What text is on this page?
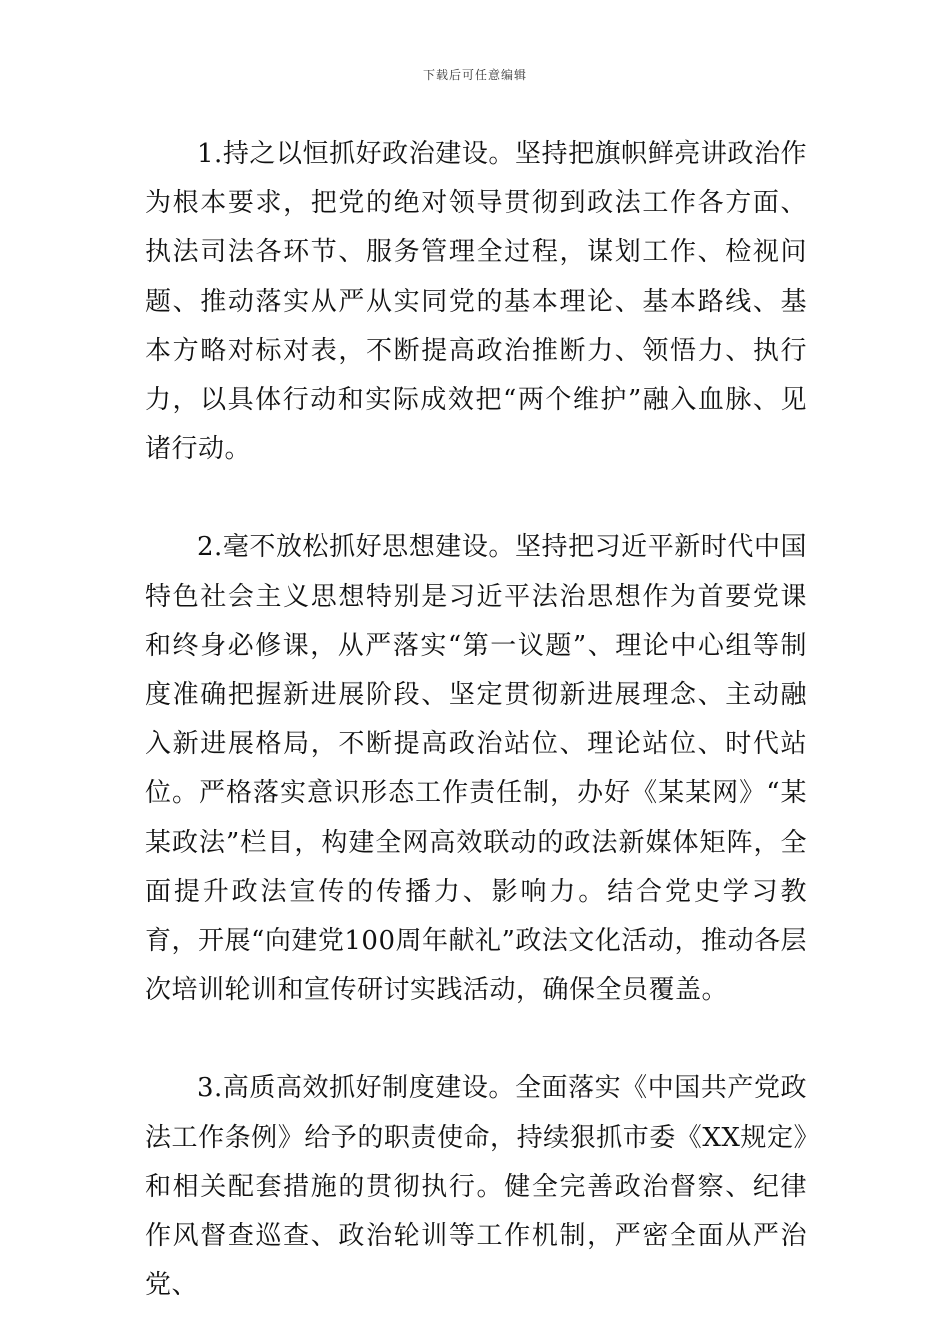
下载后可任意编辑

1.持之以恒抓好政治建设。坚持把旗帜鲜亮讲政治作为根本要求，把党的绝对领导贯彻到政法工作各方面、执法司法各环节、服务管理全过程，谋划工作、检视问题、推动落实从严从实同党的基本理论、基本路线、基本方略对标对表，不断提高政治推断力、领悟力、执行力，以具体行动和实际成效把“两个维护”融入血脉、见诸行动。

2.毫不放松抓好思想建设。坚持把习近平新时代中国特色社会主义思想特别是习近平法治思想作为首要党课和终身必修课，从严落实“第一议题”、理论中心组等制度准确把握新进展阶段、坚定贯彻新进展理念、主动融入新进展格局，不断提高政治站位、理论站位、时代站位。严格落实意识形态工作责任制，办好《某某网》“某某政法”栏目，构建全网高效联动的政法新媒体矩阵，全面提升政法宣传的传播力、影响力。结合党史学习教育，开展“向建党100周年献礼”政法文化活动，推动各层次培训轮训和宣传研讨实践活动，确保全员覆盖。

3.高质高效抓好制度建设。全面落实《中国共产党政法工作条例》给予的职责使命，持续狠抓市委《XX规定》和相关配套措施的贯彻执行。健全完善政治督察、纪律作风督查巡查、政治轮训等工作机制，严密全面从严治党、
